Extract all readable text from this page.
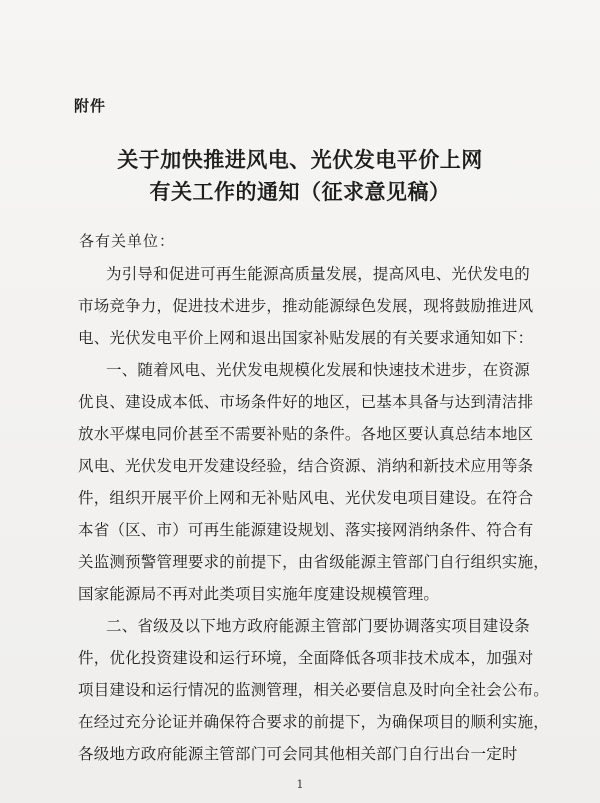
附件
关于加快推进风电、光伏发电平价上网
有关工作的通知（征求意见稿）
各有关单位：
为引导和促进可再生能源高质量发展，提高风电、光伏发电的
市场竞争力，促进技术进步，推动能源绿色发展，现将鼓励推进风
电、光伏发电平价上网和退出国家补贴发展的有关要求通知如下：
一、随着风电、光伏发电规模化发展和快速技术进步，在资源
优良、建设成本低、市场条件好的地区，已基本具备与达到清洁排
放水平煤电同价甚至不需要补贴的条件。各地区要认真总结本地区
风电、光伏发电开发建设经验，结合资源、消纳和新技术应用等条
件，组织开展平价上网和无补贴风电、光伏发电项目建设。在符合
本省（区、市）可再生能源建设规划、落实接网消纳条件、符合有
关监测预警管理要求的前提下，由省级能源主管部门自行组织实施，
国家能源局不再对此类项目实施年度建设规模管理。
二、省级及以下地方政府能源主管部门要协调落实项目建设条
件，优化投资建设和运行环境，全面降低各项非技术成本，加强对
项目建设和运行情况的监测管理，相关必要信息及时向全社会公布。
在经过充分论证并确保符合要求的前提下，为确保项目的顺利实施，
各级地方政府能源主管部门可会同其他相关部门自行出台一定时
1
